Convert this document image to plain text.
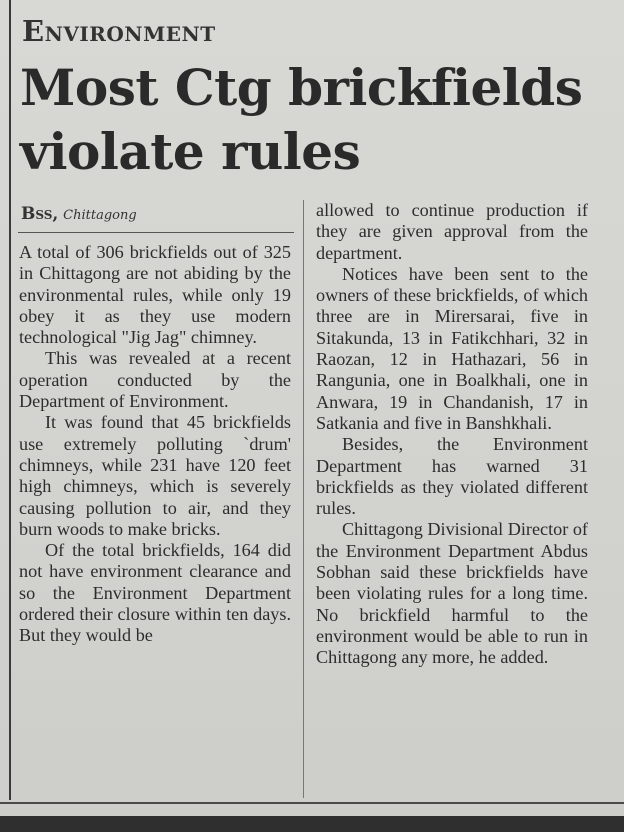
Environment
Most Ctg brickfields violate rules
Bss, Chittagong

A total of 306 brickfields out of 325 in Chittagong are not abiding by the environmental rules, while only 19 obey it as they use modern technological "Jig Jag" chimney.

This was revealed at a recent operation conducted by the Department of Environment.

It was found that 45 brickfields use extremely polluting `drum' chimneys, while 231 have 120 feet high chimneys, which is severely causing pollution to air, and they burn woods to make bricks.

Of the total brickfields, 164 did not have environment clearance and so the Environment Department ordered their closure within ten days. But they would be

allowed to continue production if they are given approval from the department.

Notices have been sent to the owners of these brickfields, of which three are in Mirersarai, five in Sitakunda, 13 in Fatikchhari, 32 in Raozan, 12 in Hathazari, 56 in Rangunia, one in Boalkhali, one in Anwara, 19 in Chandanish, 17 in Satkania and five in Banshkhali.

Besides, the Environment Department has warned 31 brickfields as they violated different rules.

Chittagong Divisional Director of the Environment Department Abdus Sobhan said these brickfields have been violating rules for a long time. No brickfield harmful to the environment would be able to run in Chittagong any more, he added.
